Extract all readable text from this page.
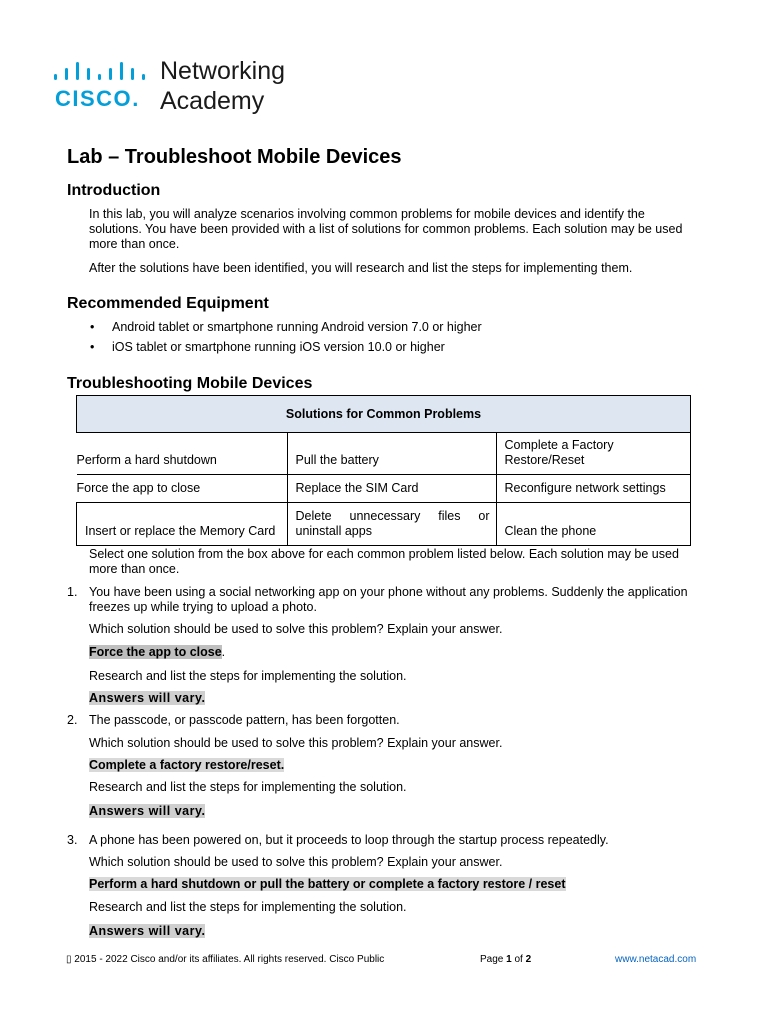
CISCO.
Networking
Academy
Lab – Troubleshoot Mobile Devices
Introduction
In this lab, you will analyze scenarios involving common problems for mobile devices and identify the solutions. You have been provided with a list of solutions for common problems. Each solution may be used more than once.
After the solutions have been identified, you will research and list the steps for implementing them.
Recommended Equipment
• Android tablet or smartphone running Android version 7.0 or higher
• iOS tablet or smartphone running iOS version 10.0 or higher
Troubleshooting Mobile Devices
Solutions for Common Problems		
Perform a hard shutdown	Pull the battery	Complete a Factory Restore/Reset
Force the app to close	Replace the SIM Card	Reconfigure network settings
Insert or replace the Memory Card	Delete unnecessary files or uninstall apps	Clean the phone
Select one solution from the box above for each common problem listed below. Each solution may be used more than once.
1. You have been using a social networking app on your phone without any problems. Suddenly the application freezes up while trying to upload a photo.
Which solution should be used to solve this problem? Explain your answer.
Force the app to close.
Research and list the steps for implementing the solution.
Answers will vary.
2. The passcode, or passcode pattern, has been forgotten.
Which solution should be used to solve this problem? Explain your answer.
Complete a factory restore/reset.
Research and list the steps for implementing the solution.
Answers will vary.
3. A phone has been powered on, but it proceeds to loop through the startup process repeatedly.
Which solution should be used to solve this problem? Explain your answer.
Perform a hard shutdown or pull the battery or complete a factory restore / reset
Research and list the steps for implementing the solution.
Answers will vary.
▯ 2015 - 2022 Cisco and/or its affiliates. All rights reserved. Cisco Public	Page 1 of 2	www.netacad.com
